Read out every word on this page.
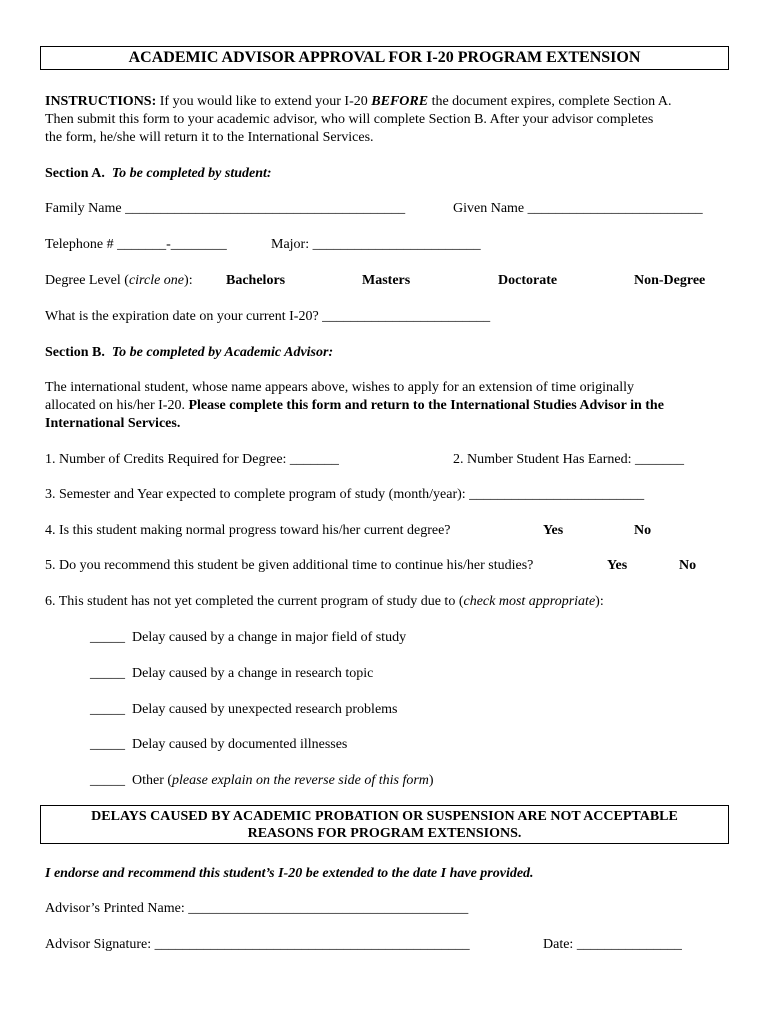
ACADEMIC ADVISOR APPROVAL FOR I-20 PROGRAM EXTENSION
INSTRUCTIONS: If you would like to extend your I-20 BEFORE the document expires, complete Section A.
Then submit this form to your academic advisor, who will complete Section B. After your advisor completes
the form, he/she will return it to the International Services.
Section A. To be completed by student:
Family Name ________________________________________	Given Name _________________________
Telephone # _______-________	Major: ________________________
Degree Level (circle one): Bachelors	Masters	Doctorate	Non-Degree
What is the expiration date on your current I-20? ________________________
Section B. To be completed by Academic Advisor:
The international student, whose name appears above, wishes to apply for an extension of time originally
allocated on his/her I-20. Please complete this form and return to the International Studies Advisor in the
International Services.
1. Number of Credits Required for Degree: _______	2. Number Student Has Earned: _______
3. Semester and Year expected to complete program of study (month/year): _________________________
4. Is this student making normal progress toward his/her current degree?	Yes	No
5. Do you recommend this student be given additional time to continue his/her studies?	Yes	No
6. This student has not yet completed the current program of study due to (check most appropriate):
_____ Delay caused by a change in major field of study
_____ Delay caused by a change in research topic
_____ Delay caused by unexpected research problems
_____ Delay caused by documented illnesses
_____ Other (please explain on the reverse side of this form)
DELAYS CAUSED BY ACADEMIC PROBATION OR SUSPENSION ARE NOT ACCEPTABLE
REASONS FOR PROGRAM EXTENSIONS.
I endorse and recommend this student’s I-20 be extended to the date I have provided.
Advisor’s Printed Name: ________________________________________
Advisor Signature: _____________________________________________	Date: _______________
